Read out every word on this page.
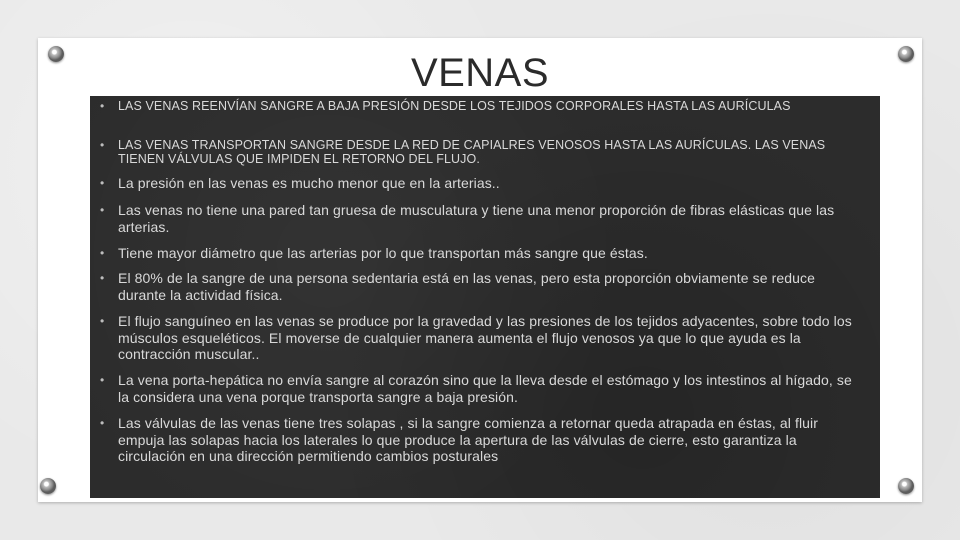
VENAS
•	LAS VENAS REENVÍAN SANGRE A BAJA PRESIÓN DESDE LOS TEJIDOS CORPORALES HASTA LAS AURÍCULAS
•	LAS VENAS TRANSPORTAN SANGRE DESDE LA RED DE CAPIALRES VENOSOS HASTA LAS AURÍCULAS. LAS VENAS TIENEN VÁLVULAS QUE IMPIDEN EL RETORNO DEL FLUJO.
• La presión en las venas es mucho menor que en la arterias..
• Las venas no tiene una pared tan gruesa de musculatura y tiene una menor proporción de fibras elásticas que las arterias.
• Tiene mayor diámetro que las arterias por lo que transportan más sangre que éstas.
• El 80% de la sangre de una persona sedentaria está en las venas, pero esta proporción obviamente se reduce durante la actividad física.
• El flujo sanguíneo en las venas se produce por la gravedad y las presiones de los tejidos adyacentes, sobre todo los músculos esqueléticos. El moverse de cualquier manera aumenta el flujo venosos ya que lo que ayuda es la contracción muscular..
• La vena porta-hepática no envía sangre al corazón sino que la lleva desde el estómago y los intestinos al hígado, se la considera una vena porque transporta sangre a baja presión.
• Las válvulas de las venas tiene tres solapas , si la sangre comienza a retornar queda atrapada en éstas, al fluir empuja las solapas hacia los laterales lo que produce la apertura de las válvulas de cierre, esto garantiza la circulación en una dirección permitiendo cambios posturales
